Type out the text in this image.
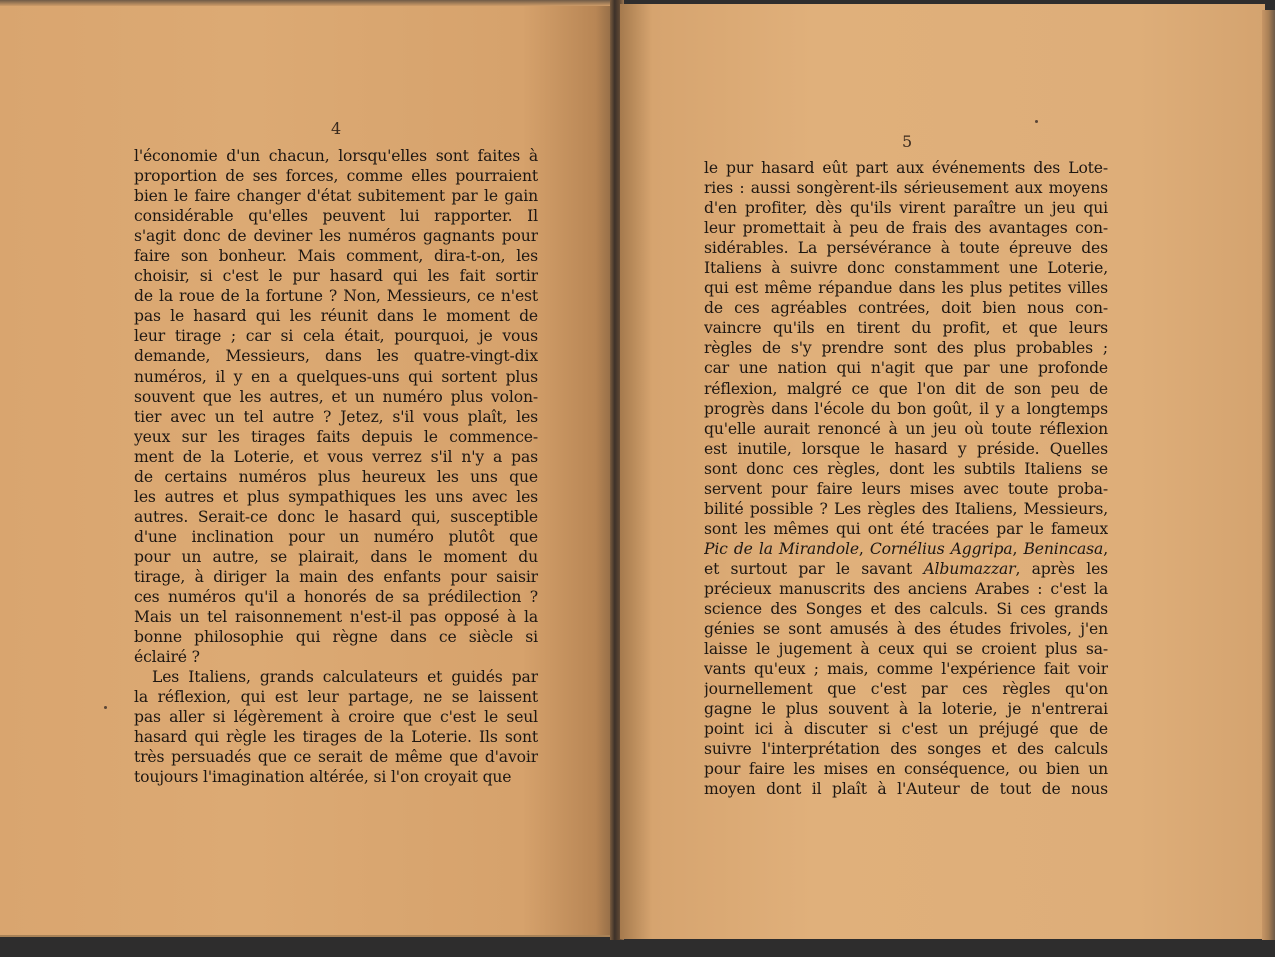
4
l'économie d'un chacun, lorsqu'elles sont faites à
proportion de ses forces, comme elles pourraient
bien le faire changer d'état subitement par le gain
considérable qu'elles peuvent lui rapporter. Il
s'agit donc de deviner les numéros gagnants pour
faire son bonheur. Mais comment, dira-t-on, les
choisir, si c'est le pur hasard qui les fait sortir
de la roue de la fortune ? Non, Messieurs, ce n'est
pas le hasard qui les réunit dans le moment de
leur tirage ; car si cela était, pourquoi, je vous
demande, Messieurs, dans les quatre-vingt-dix
numéros, il y en a quelques-uns qui sortent plus
souvent que les autres, et un numéro plus volon-
tier avec un tel autre ? Jetez, s'il vous plaît, les
yeux sur les tirages faits depuis le commence-
ment de la Loterie, et vous verrez s'il n'y a pas
de certains numéros plus heureux les uns que
les autres et plus sympathiques les uns avec les
autres. Serait-ce donc le hasard qui, susceptible
d'une inclination pour un numéro plutôt que
pour un autre, se plairait, dans le moment du
tirage, à diriger la main des enfants pour saisir
ces numéros qu'il a honorés de sa prédilection ?
Mais un tel raisonnement n'est-il pas opposé à la
bonne philosophie qui règne dans ce siècle si
éclairé ?
Les Italiens, grands calculateurs et guidés par
la réflexion, qui est leur partage, ne se laissent
pas aller si légèrement à croire que c'est le seul
hasard qui règle les tirages de la Loterie. Ils sont
très persuadés que ce serait de même que d'avoir
toujours l'imagination altérée, si l'on croyait que
5
le pur hasard eût part aux événements des Lote-
ries : aussi songèrent-ils sérieusement aux moyens
d'en profiter, dès qu'ils virent paraître un jeu qui
leur promettait à peu de frais des avantages con-
sidérables. La persévérance à toute épreuve des
Italiens à suivre donc constamment une Loterie,
qui est même répandue dans les plus petites villes
de ces agréables contrées, doit bien nous con-
vaincre qu'ils en tirent du profit, et que leurs
règles de s'y prendre sont des plus probables ;
car une nation qui n'agit que par une profonde
réflexion, malgré ce que l'on dit de son peu de
progrès dans l'école du bon goût, il y a longtemps
qu'elle aurait renoncé à un jeu où toute réflexion
est inutile, lorsque le hasard y préside. Quelles
sont donc ces règles, dont les subtils Italiens se
servent pour faire leurs mises avec toute proba-
bilité possible ? Les règles des Italiens, Messieurs,
sont les mêmes qui ont été tracées par le fameux
Pic de la Mirandole, Cornélius Aggripa, Benincasa,
et surtout par le savant Albumazzar, après les
précieux manuscrits des anciens Arabes : c'est la
science des Songes et des calculs. Si ces grands
génies se sont amusés à des études frivoles, j'en
laisse le jugement à ceux qui se croient plus sa-
vants qu'eux ; mais, comme l'expérience fait voir
journellement que c'est par ces règles qu'on
gagne le plus souvent à la loterie, je n'entrerai
point ici à discuter si c'est un préjugé que de
suivre l'interprétation des songes et des calculs
pour faire les mises en conséquence, ou bien un
moyen dont il plaît à l'Auteur de tout de nous
